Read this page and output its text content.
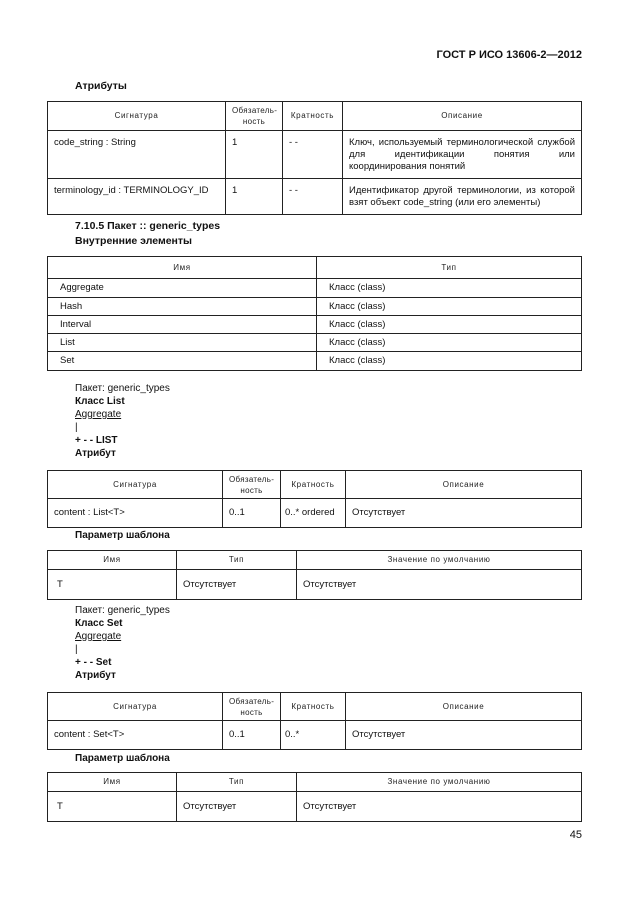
ГОСТ Р ИСО 13606-2—2012
Атрибуты
Сигнатура	Обязатель-ность	Кратность	Описание
code_string : String	1	- -	Ключ, используемый терминологической службой для идентификации понятия или координирования понятий
terminology_id : TERMINOLOGY_ID	1	- -	Идентификатор другой терминологии, из которой взят объект code_string (или его элементы)
7.10.5 Пакет :: generic_types
Внутренние элементы
Имя	Тип
Aggregate	Класс (class)
Hash	Класс (class)
Interval	Класс (class)
List	Класс (class)
Set	Класс (class)
Пакет: generic_types
Класс List
Aggregate
|
+ - - LIST
Атрибут
Сигнатура	Обязатель-ность	Кратность	Описание
content : List<T>	0..1	0..* ordered	Отсутствует
Параметр шаблона
Имя	Тип	Значение по умолчанию
T	Отсутствует	Отсутствует
Пакет: generic_types
Класс Set
Aggregate
|
+ - - Set
Атрибут
Сигнатура	Обязатель-ность	Кратность	Описание
content : Set<T>	0..1	0..*	Отсутствует
Параметр шаблона
Имя	Тип	Значение по умолчанию
T	Отсутствует	Отсутствует
45
